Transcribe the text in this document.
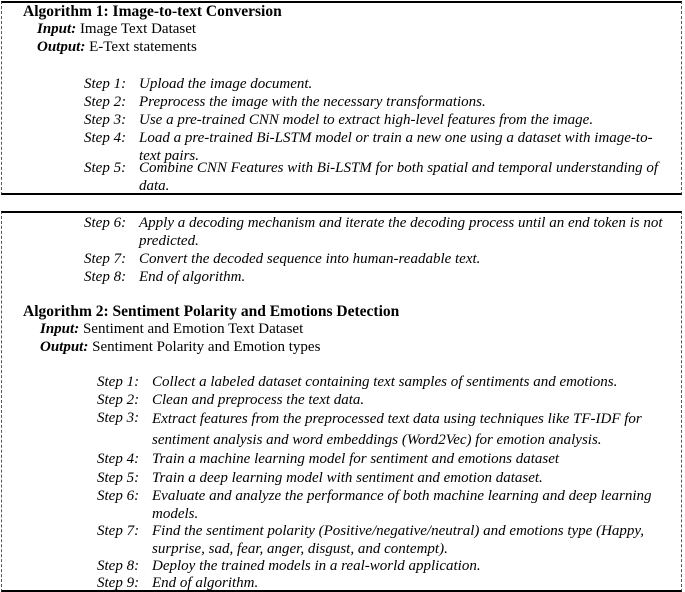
Algorithm 1: Image-to-text Conversion
Input: Image Text Dataset
Output: E-Text statements
Step 1: Upload the image document.
Step 2: Preprocess the image with the necessary transformations.
Step 3: Use a pre-trained CNN model to extract high-level features from the image.
Step 4: Load a pre-trained Bi-LSTM model or train a new one using a dataset with image-to-text pairs.
Step 5: Combine CNN Features with Bi-LSTM for both spatial and temporal understanding of data.
Step 6: Apply a decoding mechanism and iterate the decoding process until an end token is not predicted.
Step 7: Convert the decoded sequence into human-readable text.
Step 8: End of algorithm.
Algorithm 2: Sentiment Polarity and Emotions Detection
Input: Sentiment and Emotion Text Dataset
Output: Sentiment Polarity and Emotion types
Step 1: Collect a labeled dataset containing text samples of sentiments and emotions.
Step 2: Clean and preprocess the text data.
Step 3: Extract features from the preprocessed text data using techniques like TF-IDF for sentiment analysis and word embeddings (Word2Vec) for emotion analysis.
Step 4: Train a machine learning model for sentiment and emotions dataset
Step 5: Train a deep learning model with sentiment and emotion dataset.
Step 6: Evaluate and analyze the performance of both machine learning and deep learning models.
Step 7: Find the sentiment polarity (Positive/negative/neutral) and emotions type (Happy, surprise, sad, fear, anger, disgust, and contempt).
Step 8: Deploy the trained models in a real-world application.
Step 9: End of algorithm.
